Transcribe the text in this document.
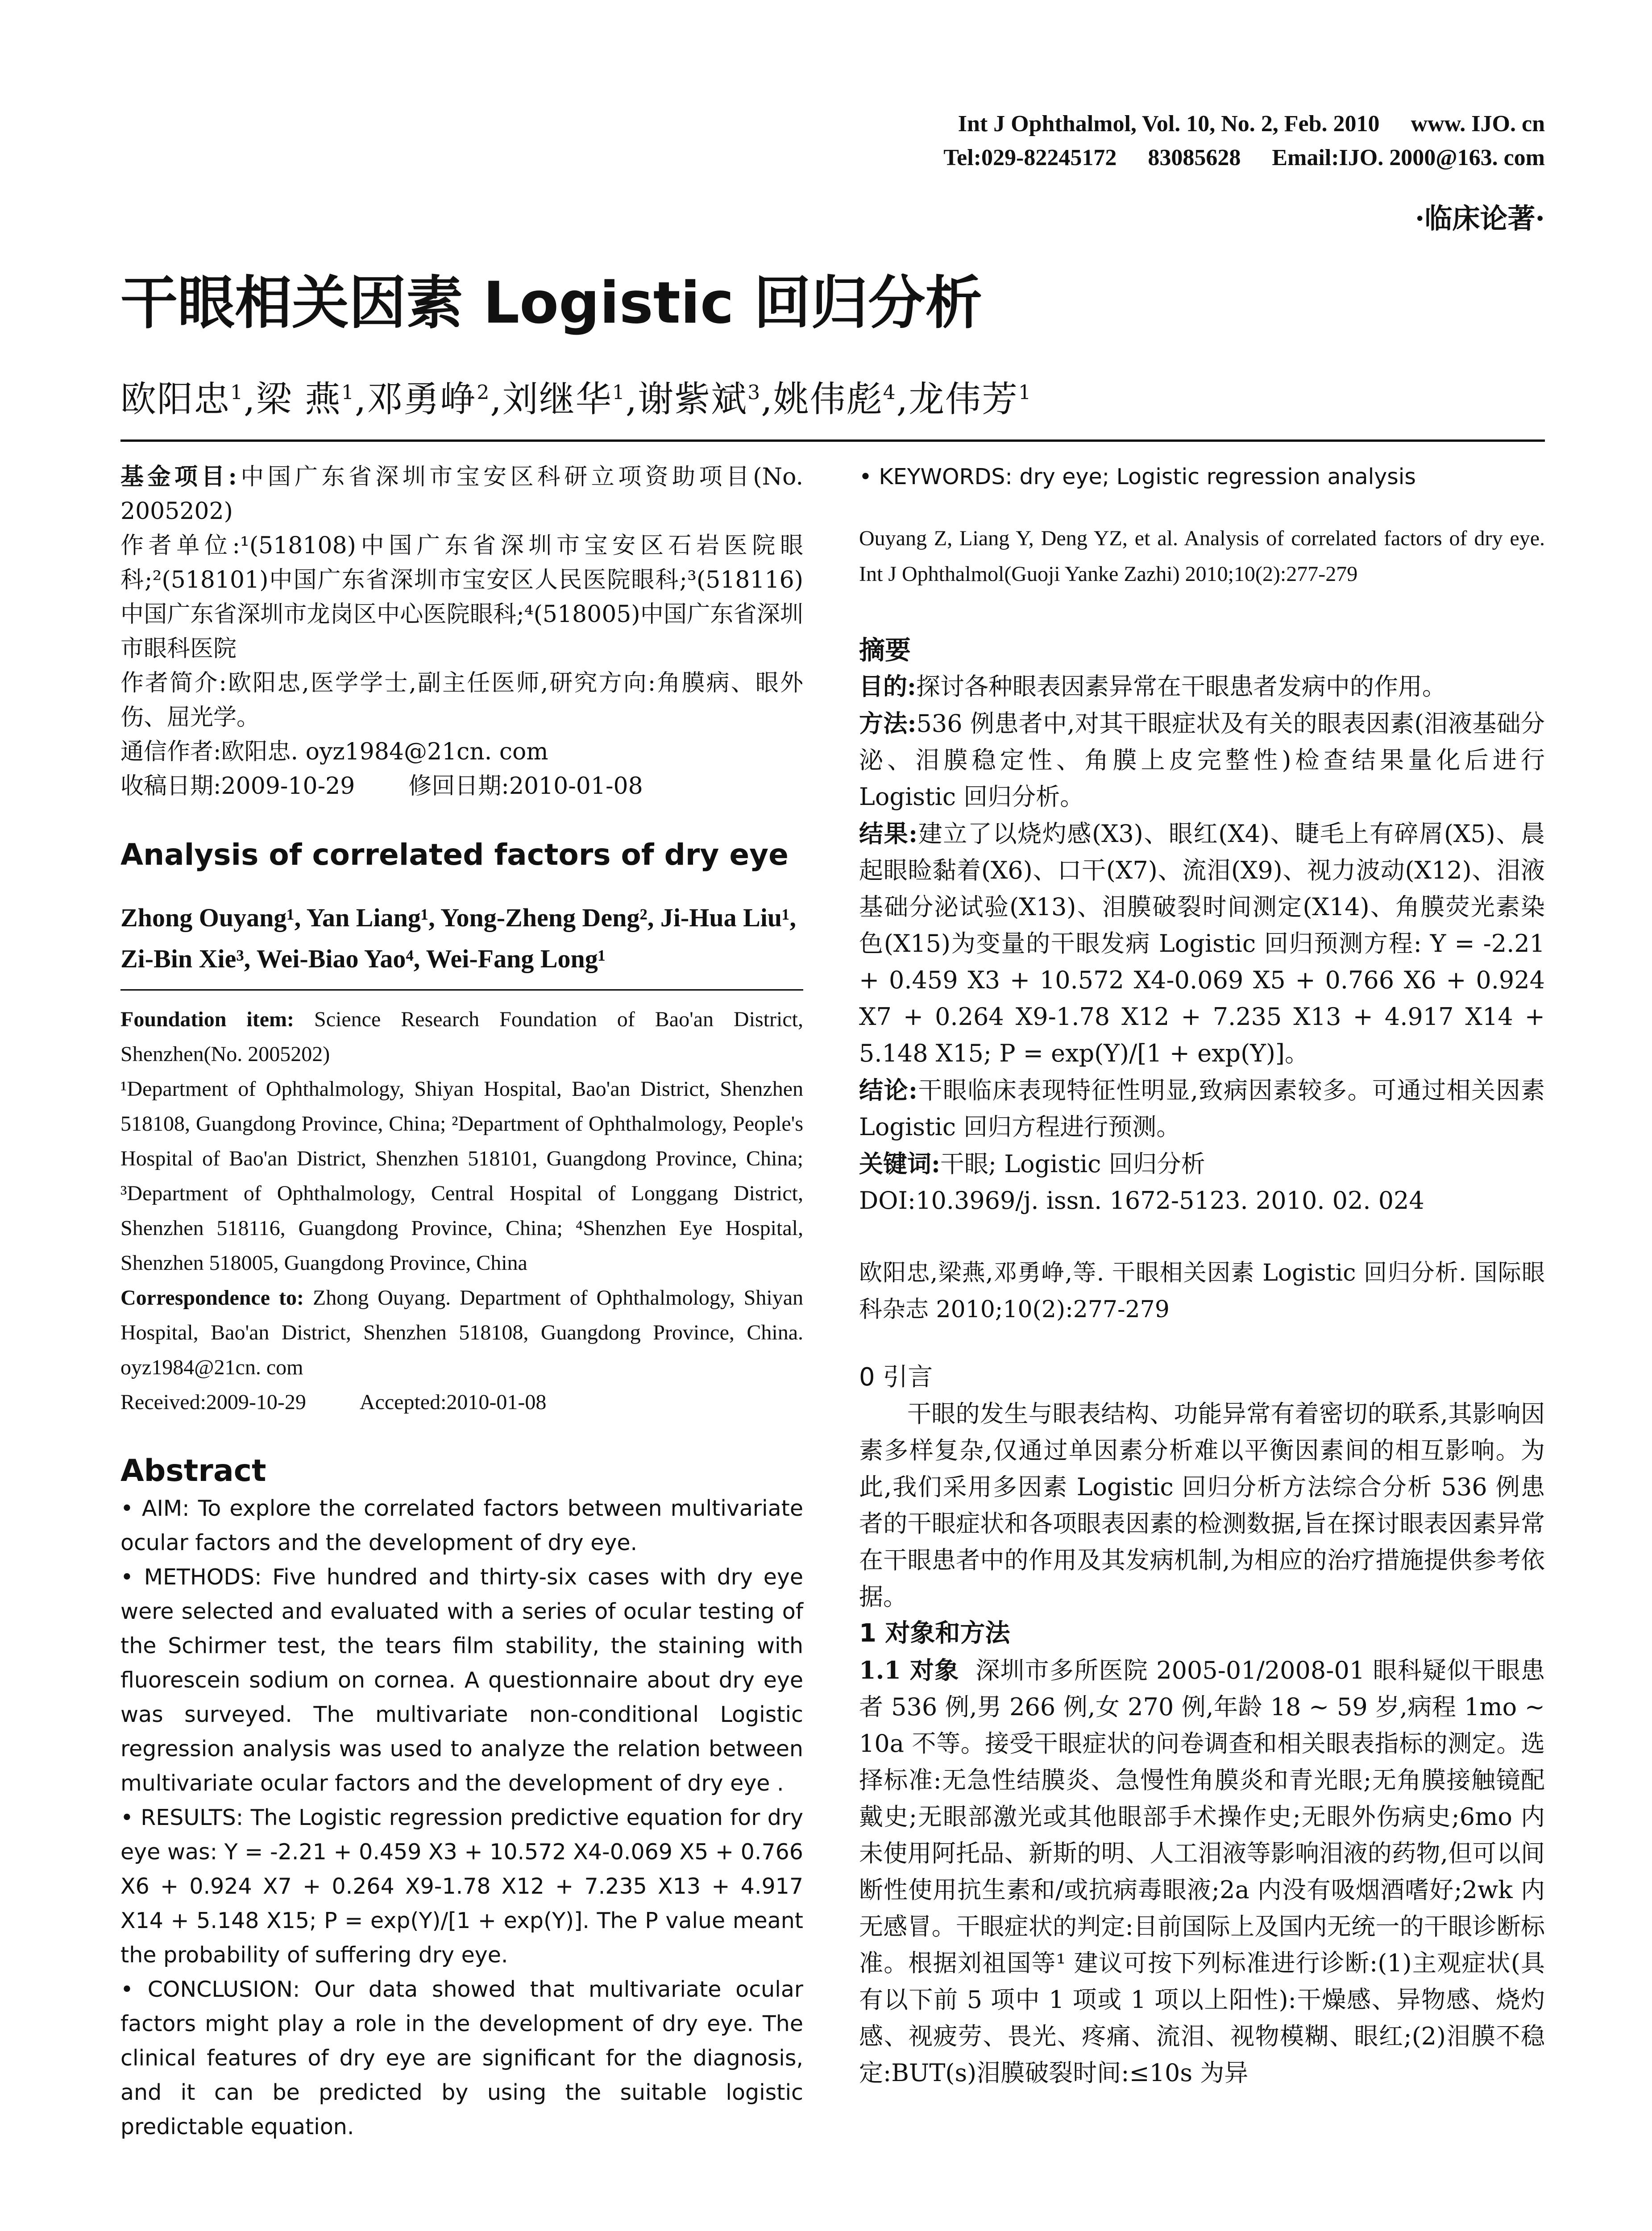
Int J Ophthalmol, Vol. 10, No. 2, Feb. 2010 www. IJO. cn
Tel:029-82245172 83085628 Email:IJO. 2000@163. com
·临床论著·
干眼相关因素 Logistic 回归分析
欧阳忠$^1$,梁 燕$^1$,邓勇峥$^2$,刘继华$^1$,谢紫斌$^3$,姚伟彪$^4$,龙伟芳$^1$

基金项目:中国广东省深圳市宝安区科研立项资助项目(No. 2005202)

作者单位:¹(518108)中国广东省深圳市宝安区石岩医院眼科;²(518101)中国广东省深圳市宝安区人民医院眼科;³(518116)中国广东省深圳市龙岗区中心医院眼科;⁴(518005)中国广东省深圳市眼科医院

作者简介:欧阳忠,医学学士,副主任医师,研究方向:角膜病、眼外伤、屈光学。

通信作者:欧阳忠. oyz1984@21cn. com

收稿日期:2009-10-29 修回日期:2010-01-08

Analysis of correlated factors of dry eye
Zhong Ouyang¹, Yan Liang¹, Yong-Zheng Deng², Ji-Hua Liu¹, Zi-Bin Xie³, Wei-Biao Yao⁴, Wei-Fang Long¹

Foundation item: Science Research Foundation of Bao'an District, Shenzhen(No. 2005202)

¹Department of Ophthalmology, Shiyan Hospital, Bao'an District, Shenzhen 518108, Guangdong Province, China; ²Department of Ophthalmology, People's Hospital of Bao'an District, Shenzhen 518101, Guangdong Province, China; ³Department of Ophthalmology, Central Hospital of Longgang District, Shenzhen 518116, Guangdong Province, China; ⁴Shenzhen Eye Hospital, Shenzhen 518005, Guangdong Province, China

Correspondence to: Zhong Ouyang. Department of Ophthalmology, Shiyan Hospital, Bao'an District, Shenzhen 518108, Guangdong Province, China. oyz1984@21cn. com

Received:2009-10-29	Accepted:2010-01-08

Abstract

• AIM: To explore the correlated factors between multivariate ocular factors and the development of dry eye.

• METHODS: Five hundred and thirty-six cases with dry eye were selected and evaluated with a series of ocular testing of the Schirmer test, the tears film stability, the staining with fluorescein sodium on cornea. A questionnaire about dry eye was surveyed. The multivariate non-conditional Logistic regression analysis was used to analyze the relation between multivariate ocular factors and the development of dry eye .

• RESULTS: The Logistic regression predictive equation for dry eye was: Y = -2.21 + 0.459 X3 + 10.572 X4-0.069 X5 + 0.766 X6 + 0.924 X7 + 0.264 X9-1.78 X12 + 7.235 X13 + 4.917 X14 + 5.148 X15; P = exp(Y)/[1 + exp(Y)]. The P value meant the probability of suffering dry eye.

• CONCLUSION: Our data showed that multivariate ocular factors might play a role in the development of dry eye. The clinical features of dry eye are significant for the diagnosis, and it can be predicted by using the suitable logistic predictable equation.

• KEYWORDS: dry eye; Logistic regression analysis

Ouyang Z, Liang Y, Deng YZ, et al. Analysis of correlated factors of dry eye. Int J Ophthalmol(Guoji Yanke Zazhi) 2010;10(2):277-279

摘要

目的:探讨各种眼表因素异常在干眼患者发病中的作用。

方法:536 例患者中,对其干眼症状及有关的眼表因素(泪液基础分泌、泪膜稳定性、角膜上皮完整性)检查结果量化后进行 Logistic 回归分析。

结果:建立了以烧灼感(X3)、眼红(X4)、睫毛上有碎屑(X5)、晨起眼睑黏着(X6)、口干(X7)、流泪(X9)、视力波动(X12)、泪液基础分泌试验(X13)、泪膜破裂时间测定(X14)、角膜荧光素染色(X15)为变量的干眼发病 Logistic 回归预测方程: Y = -2.21 + 0.459 X3 + 10.572 X4-0.069 X5 + 0.766 X6 + 0.924 X7 + 0.264 X9-1.78 X12 + 7.235 X13 + 4.917 X14 + 5.148 X15; P = exp(Y)/[1 + exp(Y)]。

结论:干眼临床表现特征性明显,致病因素较多。可通过相关因素 Logistic 回归方程进行预测。

关键词:干眼; Logistic 回归分析

DOI:10.3969/j. issn. 1672-5123. 2010. 02. 024

欧阳忠,梁燕,邓勇峥,等. 干眼相关因素 Logistic 回归分析. 国际眼科杂志 2010;10(2):277-279

0 引言

干眼的发生与眼表结构、功能异常有着密切的联系,其影响因素多样复杂,仅通过单因素分析难以平衡因素间的相互影响。为此,我们采用多因素 Logistic 回归分析方法综合分析 536 例患者的干眼症状和各项眼表因素的检测数据,旨在探讨眼表因素异常在干眼患者中的作用及其发病机制,为相应的治疗措施提供参考依据。

1 对象和方法

1.1 对象 深圳市多所医院 2005-01/2008-01 眼科疑似干眼患者 536 例,男 266 例,女 270 例,年龄 18 ~ 59 岁,病程 1mo ~ 10a 不等。接受干眼症状的问卷调查和相关眼表指标的测定。选择标准:无急性结膜炎、急慢性角膜炎和青光眼;无角膜接触镜配戴史;无眼部激光或其他眼部手术操作史;无眼外伤病史;6mo 内未使用阿托品、新斯的明、人工泪液等影响泪液的药物,但可以间断性使用抗生素和/或抗病毒眼液;2a 内没有吸烟酒嗜好;2wk 内无感冒。干眼症状的判定:目前国际上及国内无统一的干眼诊断标准。根据刘祖国等¹ 建议可按下列标准进行诊断:(1)主观症状(具有以下前 5 项中 1 项或 1 项以上阳性):干燥感、异物感、烧灼感、视疲劳、畏光、疼痛、流泪、视物模糊、眼红;(2)泪膜不稳定:BUT(s)泪膜破裂时间:≤10s 为异
